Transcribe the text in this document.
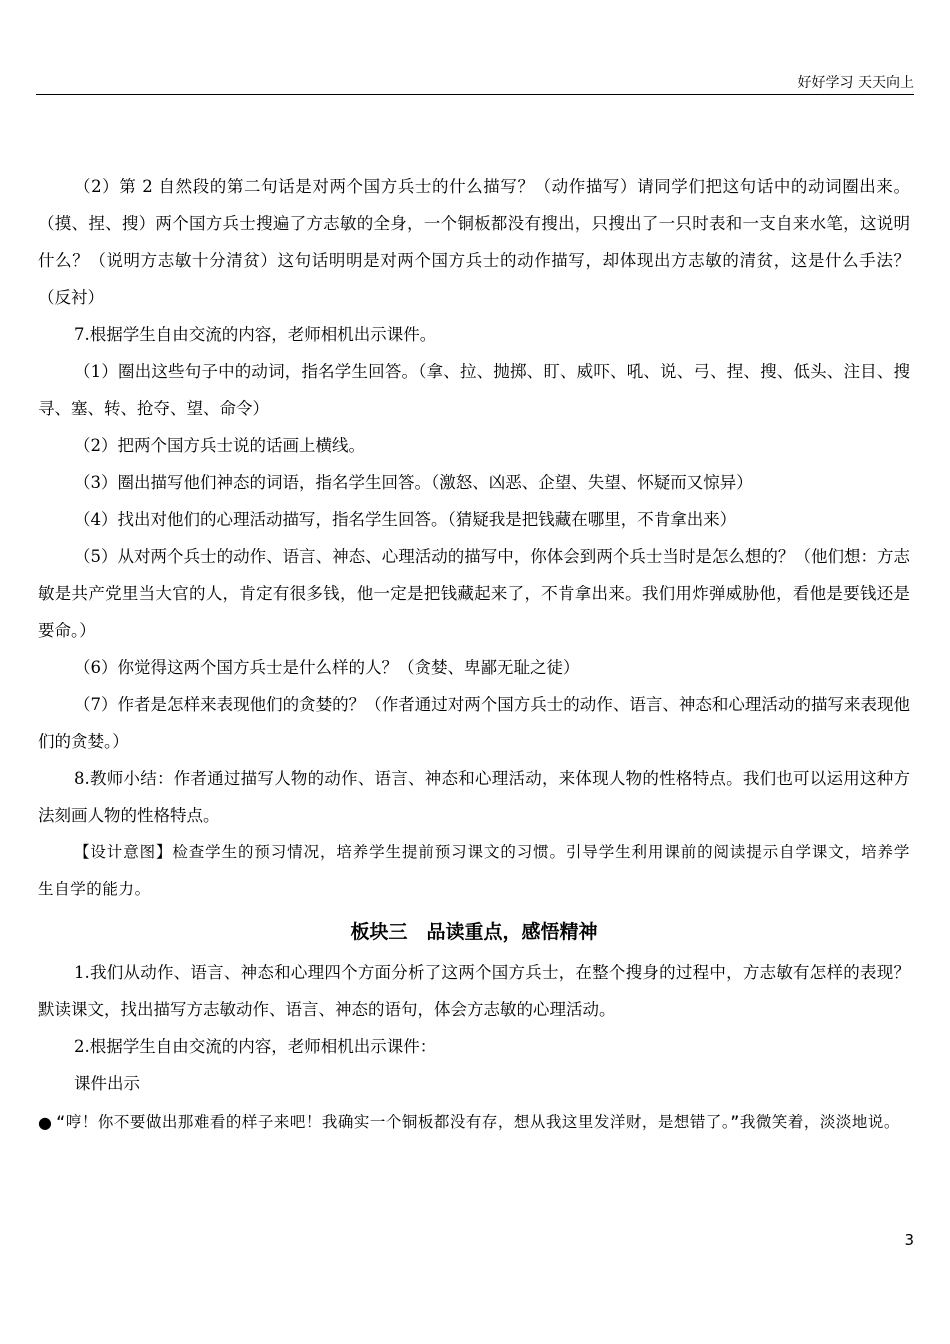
好好学习 天天向上

（2）第 2 自然段的第二句话是对两个国方兵士的什么描写？（动作描写）请同学们把这句话中的动词圈出来。（摸、捏、搜）两个国方兵士搜遍了方志敏的全身，一个铜板都没有搜出，只搜出了一只时表和一支自来水笔，这说明什么？（说明方志敏十分清贫）这句话明明是对两个国方兵士的动作描写，却体现出方志敏的清贫，这是什么手法？（反衬）

7.根据学生自由交流的内容，老师相机出示课件。

（1）圈出这些句子中的动词，指名学生回答。（拿、拉、抛掷、盯、威吓、吼、说、弓、捏、搜、低头、注目、搜寻、塞、转、抢夺、望、命令）

（2）把两个国方兵士说的话画上横线。

（3）圈出描写他们神态的词语，指名学生回答。（激怒、凶恶、企望、失望、怀疑而又惊异）

（4）找出对他们的心理活动描写，指名学生回答。（猜疑我是把钱藏在哪里，不肯拿出来）

（5）从对两个兵士的动作、语言、神态、心理活动的描写中，你体会到两个兵士当时是怎么想的？（他们想：方志敏是共产党里当大官的人，肯定有很多钱，他一定是把钱藏起来了，不肯拿出来。我们用炸弹威胁他，看他是要钱还是要命。）

（6）你觉得这两个国方兵士是什么样的人？（贪婪、卑鄙无耻之徒）

（7）作者是怎样来表现他们的贪婪的？（作者通过对两个国方兵士的动作、语言、神态和心理活动的描写来表现他们的贪婪。）

8.教师小结：作者通过描写人物的动作、语言、神态和心理活动，来体现人物的性格特点。我们也可以运用这种方法刻画人物的性格特点。

【设计意图】检查学生的预习情况，培养学生提前预习课文的习惯。引导学生利用课前的阅读提示自学课文，培养学生自学的能力。

板块三　品读重点，感悟精神

1.我们从动作、语言、神态和心理四个方面分析了这两个国方兵士，在整个搜身的过程中，方志敏有怎样的表现？默读课文，找出描写方志敏动作、语言、神态的语句，体会方志敏的心理活动。

2.根据学生自由交流的内容，老师相机出示课件：

课件出示

● “哼！你不要做出那难看的样子来吧！我确实一个铜板都没有存，想从我这里发洋财，是想错了。”我微笑着，淡淡地说。
3
